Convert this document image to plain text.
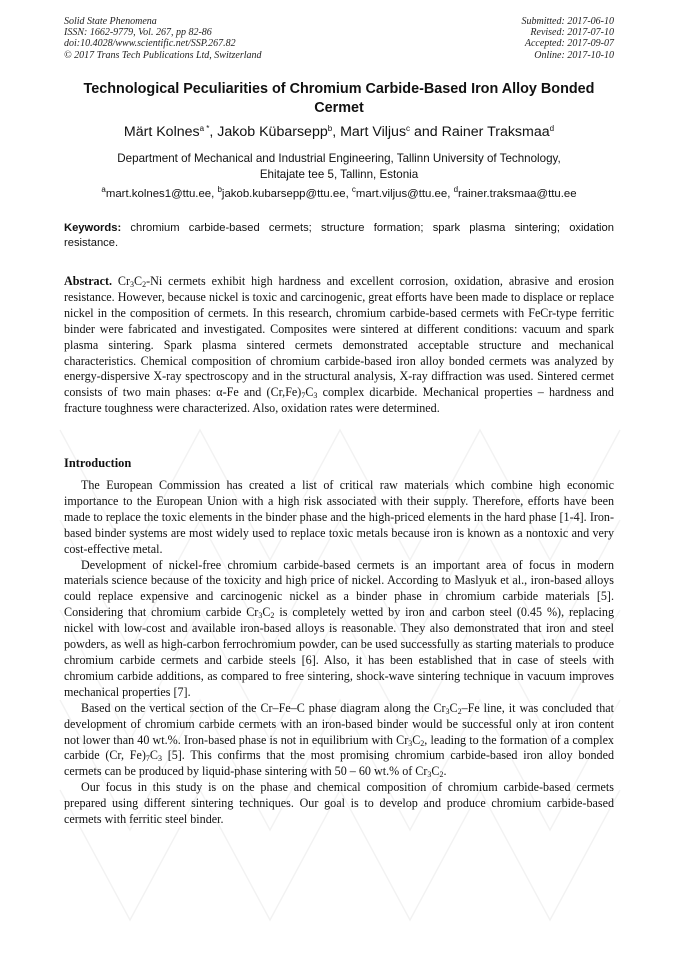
Solid State Phenomena
ISSN: 1662-9779, Vol. 267, pp 82-86
doi:10.4028/www.scientific.net/SSP.267.82
© 2017 Trans Tech Publications Ltd, Switzerland
Submitted: 2017-06-10
Revised: 2017-07-10
Accepted: 2017-09-07
Online: 2017-10-10
Technological Peculiarities of Chromium Carbide-Based Iron Alloy Bonded Cermet
Märt Kolnes$^{a *}$, Jakob Kübarsepp$^b$, Mart Viljus$^c$ and Rainer Traksmaa$^d$
Department of Mechanical and Industrial Engineering, Tallinn University of Technology,
Ehitajate tee 5, Tallinn, Estonia
$^a$mart.kolnes1@ttu.ee, $^b$jakob.kubarsepp@ttu.ee, $^c$mart.viljus@ttu.ee, $^d$rainer.traksmaa@ttu.ee
Keywords: chromium carbide-based cermets; structure formation; spark plasma sintering; oxidation resistance.
Abstract. $Cr_3C_2-Ni$ cermets exhibit high hardness and excellent corrosion, oxidation, abrasive and erosion resistance. However, because nickel is toxic and carcinogenic, great efforts have been made to displace or replace nickel in the composition of cermets. In this research, chromium carbide-based cermets with FeCr-type ferritic binder were fabricated and investigated. Composites were sintered at different conditions: vacuum and spark plasma sintering. Spark plasma sintered cermets demonstrated acceptable structure and mechanical characteristics. Chemical composition of chromium carbide-based iron alloy bonded cermets was analyzed by energy-dispersive X-ray spectroscopy and in the structural analysis, X-ray diffraction was used. Sintered cermet consists of two main phases: α-Fe and $(Cr,Fe)_7C_3$ complex dicarbide. Mechanical properties – hardness and fracture toughness were characterized. Also, oxidation rates were determined.
Introduction

The European Commission has created a list of critical raw materials which combine high economic importance to the European Union with a high risk associated with their supply. Therefore, efforts have been made to replace the toxic elements in the binder phase and the high-priced elements in the hard phase [1-4]. Iron-based binder systems are most widely used to replace toxic metals because iron is known as a nontoxic and very cost-effective metal.

Development of nickel-free chromium carbide-based cermets is an important area of focus in modern materials science because of the toxicity and high price of nickel. According to Maslyuk et al., iron-based alloys could replace expensive and carcinogenic nickel as a binder phase in chromium carbide materials [5]. Considering that chromium carbide $Cr_3C_2$ is completely wetted by iron and carbon steel (0.45 %), replacing nickel with low-cost and available iron-based alloys is reasonable. They also demonstrated that iron and steel powders, as well as high-carbon ferrochromium powder, can be used successfully as starting materials to produce chromium carbide cermets and carbide steels [6]. Also, it has been established that in case of steels with chromium carbide additions, as compared to free sintering, shock-wave sintering technique in vacuum improves mechanical properties [7].

Based on the vertical section of the Cr–Fe–C phase diagram along the $Cr_3C_2-Fe$ line, it was concluded that development of chromium carbide cermets with an iron-based binder would be successful only at iron content not lower than 40 wt.%. Iron-based phase is not in equilibrium with $Cr_3C_2$, leading to the formation of a complex carbide (Cr, $Fe)_7C_3$ [5]. This confirms that the most promising chromium carbide-based iron alloy bonded cermets can be produced by liquid-phase sintering with 50 – 60 wt.% of $Cr_3C_2$.

Our focus in this study is on the phase and chemical composition of chromium carbide-based cermets prepared using different sintering techniques. Our goal is to develop and produce chromium carbide-based cermets with ferritic steel binder.
